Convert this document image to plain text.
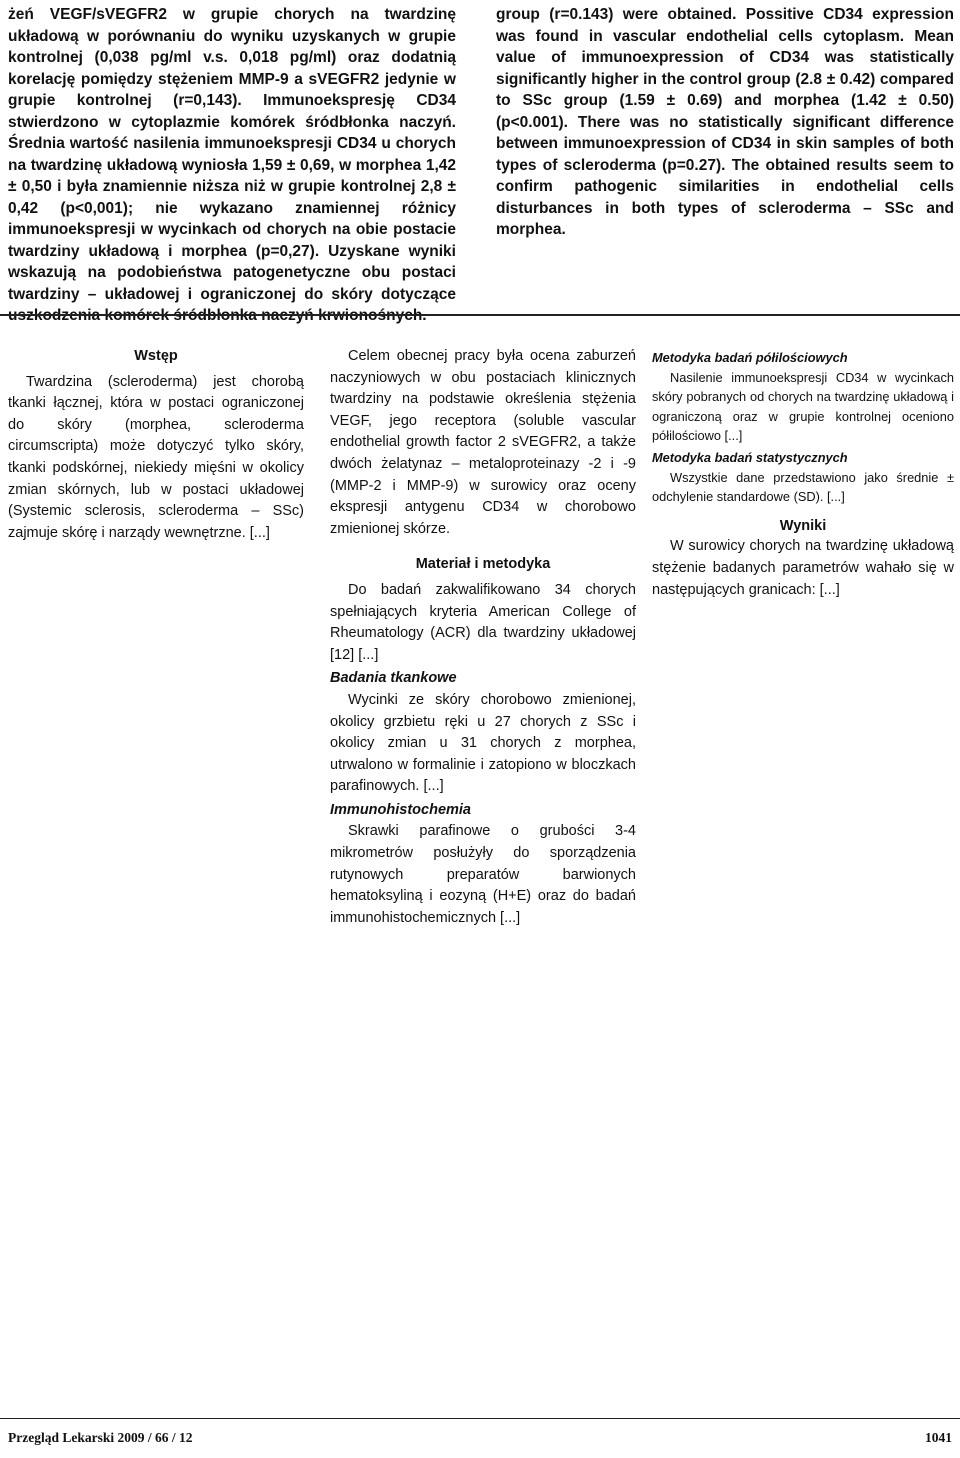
żeń VEGF/sVEGFR2 w grupie chorych na twardzinę układową w porównaniu do wyniku uzyskanych w grupie kontrolnej (0,038 pg/ml v.s. 0,018 pg/ml) oraz dodatnią korelację pomiędzy stężeniem MMP-9 a sVEGFR2 jedynie w grupie kontrolnej (r=0,143). Immunoekspresję CD34 stwierdzono w cytoplazmie komórek śródbłonka naczyń. Średnia wartość nasilenia immunoekspresji CD34 u chorych na twardzinę układową wyniosła 1,59 ± 0,69, w morphea 1,42 ± 0,50 i była znamiennie niższa niż w grupie kontrolnej 2,8 ± 0,42 (p<0,001); nie wykazano znamiennej różnicy immunoekspresji w wycinkach od chorych na obie postacie twardziny układową i morphea (p=0,27). Uzyskane wyniki wskazują na podobieństwa patogenetyczne obu postaci twardziny – układowej i ograniczonej do skóry dotyczące
group (r=0.143) were obtained. Possitive CD34 expression was found in vascular endothelial cells cytoplasm. Mean value of immunoexpression of CD34 was statistically significantly higher in the control group (2.8 ± 0.42) compared to SSc group (1.59 ± 0.69) and morphea (1.42 ± 0.50) (p<0.001). There was no statistically significant difference between immunoexpression of CD34 in skin samples of both types of scleroderma (p=0.27). The obtained results seem to confirm pathogenic similarities in endothelial cells disturbances in both types of scleroderma – SSc and morphea.
Wstęp

Twardzina (scleroderma) jest chorobą tkanki łącznej, która w postaci ograniczonej do skóry (morphea, scleroderma circumscripta) może dotyczyć tylko skóry, tkanki podskórnej, niekiedy mięśni w okolicy zmian skórnych, lub w postaci układowej (Systemic sclerosis, scleroderma – SSc) zajmuje skórę i narządy wewnętrzne. [...]

Celem obecnej pracy była ocena zaburzeń naczyniowych w obu postaciach klinicznych twardziny na podstawie określenia stężenia VEGF, jego receptora (soluble vascular endothelial growth factor 2 sVEGFR2, a także dwóch żelatynaz – metaloproteinazy -2 i -9 (MMP-2 i MMP-9) w surowicy oraz oceny ekspresji antygenu CD34 w chorobowo zmienionej skórze.

Materiał i metodyka

Do badań zakwalifikowano 34 chorych spełniających kryteria American College of Rheumatology (ACR) dla twardziny układowej [12] [...]

Badania tkankowe

Wycinki ze skóry chorobowo zmienionej, okolicy grzbietu ręki u 27 chorych z SSc i okolicy zmian u 31 chorych z morphea, utrwalono w formalinie i zatopiono w bloczkach parafinowych. [...]

Immunohistochemia

Skrawki parafinowe o grubości 3-4 mikrometrów posłużyły do sporządzenia rutynowych preparatów barwionych hematoksyliną i eozyną (H+E) oraz do badań immunohistochemicznych [...]

Metodyka badań półilościowych

Nasilenie immunoekspresji CD34 w wycinkach skóry pobranych od chorych na twardzinę układową i ograniczoną oraz w grupie kontrolnej oceniono półilościowo [...]

Metodyka badań statystycznych

Wszystkie dane przedstawiono jako średnie ± odchylenie standardowe (SD). [...]

Wyniki

W surowicy chorych na twardzinę układową stężenie badanych parametrów wahało się w następujących granicach: [...]

Przegląd Lekarski 2009 / 66 / 12	1041
